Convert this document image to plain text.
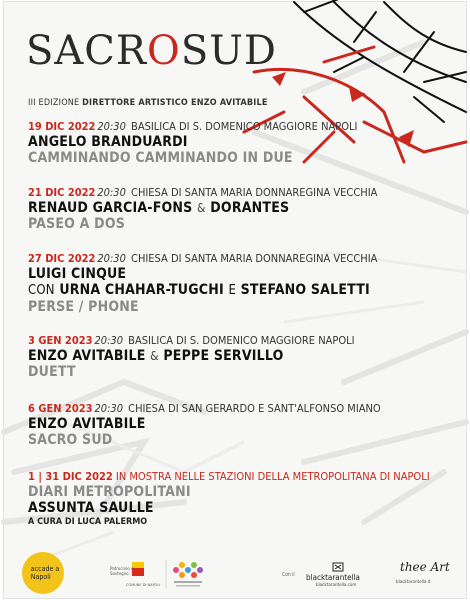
SACROSUD
III EDIZIONE DIRETTORE ARTISTICO ENZO AVITABILE
19 DIC 2022 20:30 BASILICA DI S. DOMENICO MAGGIORE NAPOLI
ANGELO BRANDUARDI
CAMMINANDO CAMMINANDO IN DUE
21 DIC 2022 20:30 CHIESA DI SANTA MARIA DONNAREGINA VECCHIA
RENAUD GARCIA-FONS & DORANTES
PASEO A DOS
27 DIC 2022 20:30 CHIESA DI SANTA MARIA DONNAREGINA VECCHIA
LUIGI CINQUE
CON URNA CHAHAR-TUGCHI E STEFANO SALETTI
PERSE / PHONE
3 GEN 2023 20:30 BASILICA DI S. DOMENICO MAGGIORE NAPOLI
ENZO AVITABILE & PEPPE SERVILLO
DUETT
6 GEN 2023 20:30 CHIESA DI SAN GERARDO E SANT'ALFONSO MIANO
ENZO AVITABILE
SACRO SUD
1 | 31 DIC 2022 IN MOSTRA NELLE STAZIONI DELLA METROPOLITANA DI NAPOLI
DIARI METROPOLITANI
ASSUNTA SAULLE
A CURA DI LUCA PALERMO
accade a
Napoli
Patrocinio e
Sostegno
COMUNE DI NAPOLI
Con il blacktarantella
blacktarantella.com
thee Art
blacktarantella.it
